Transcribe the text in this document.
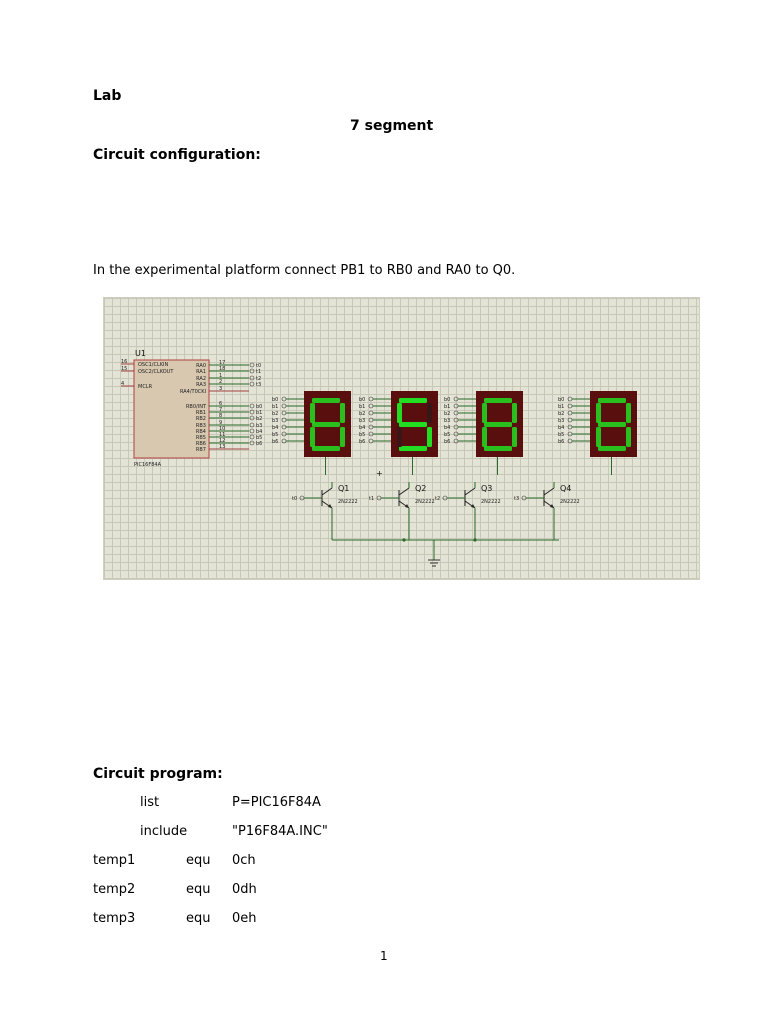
Lab
7 segment
Circuit configuration:
In the experimental platform connect PB1 to RB0 and RA0 to Q0.
U1
PIC16F84A
16 OSC1/CLKIN
15 OSC2/CLKOUT
4	MCLR
RA0	17	t0
RA1	18	t1
RA2	1	t2
RA3	2	t3
RA4/T0CKI	3
RB0/INT	6	b0
RB1	7	b1
RB2	8	b2
RB3	9	b3
RB4	10	b4
RB5	11	b5
RB6	12	b6
RB7	13
b0
b1
b2
b3
b4
b5
b6
b0
b1
b2
b3
b4
b5
b6
b0
b1
b2
b3
b4
b5
b6
b0
b1
b2
b3
b4
b5
b6
t0
Q1
2N2222 t1
Q2
2N2222 t2
Q3
2N2222	t3
Q4
2N2222
+
Circuit program:
list	P=PIC16F84A
include	"P16F84A.INC"
temp1	equ 0ch
temp2	equ 0dh
temp3	equ 0eh
1
